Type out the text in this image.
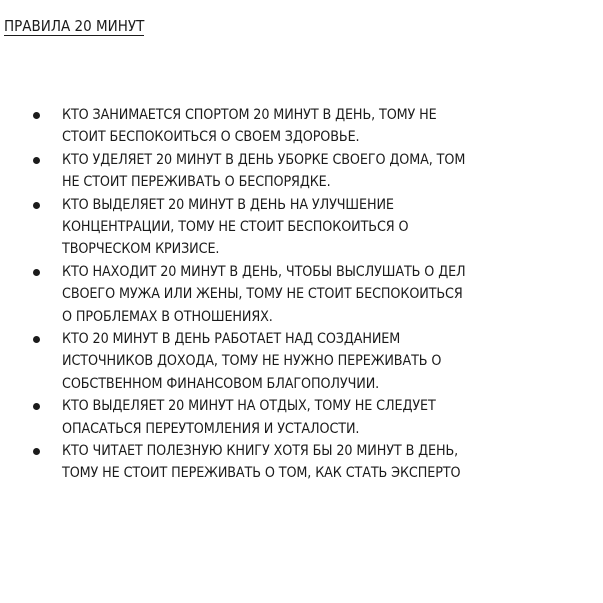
ПРАВИЛА 20 МИНУТ
КТО ЗАНИМАЕТСЯ СПОРТОМ 20 МИНУТ В ДЕНЬ, ТОМУ НЕ
СТОИТ БЕСПОКОИТЬСЯ О СВОЕМ ЗДОРОВЬЕ.
КТО УДЕЛЯЕТ 20 МИНУТ В ДЕНЬ УБОРКЕ СВОЕГО ДОМА, ТОМ
НЕ СТОИТ ПЕРЕЖИВАТЬ О БЕСПОРЯДКЕ.
КТО ВЫДЕЛЯЕТ 20 МИНУТ В ДЕНЬ НА УЛУЧШЕНИЕ
КОНЦЕНТРАЦИИ, ТОМУ НЕ СТОИТ БЕСПОКОИТЬСЯ О
ТВОРЧЕСКОМ КРИЗИСЕ.
КТО НАХОДИТ 20 МИНУТ В ДЕНЬ, ЧТОБЫ ВЫСЛУШАТЬ О ДЕЛ
СВОЕГО МУЖА ИЛИ ЖЕНЫ, ТОМУ НЕ СТОИТ БЕСПОКОИТЬСЯ
О ПРОБЛЕМАХ В ОТНОШЕНИЯХ.
КТО 20 МИНУТ В ДЕНЬ РАБОТАЕТ НАД СОЗДАНИЕМ
ИСТОЧНИКОВ ДОХОДА, ТОМУ НЕ НУЖНО ПЕРЕЖИВАТЬ О
СОБСТВЕННОМ ФИНАНСОВОМ БЛАГОПОЛУЧИИ.
КТО ВЫДЕЛЯЕТ 20 МИНУТ НА ОТДЫХ, ТОМУ НЕ СЛЕДУЕТ
ОПАСАТЬСЯ ПЕРЕУТОМЛЕНИЯ И УСТАЛОСТИ.
КТО ЧИТАЕТ ПОЛЕЗНУЮ КНИГУ ХОТЯ БЫ 20 МИНУТ В ДЕНЬ,
ТОМУ НЕ СТОИТ ПЕРЕЖИВАТЬ О ТОМ, КАК СТАТЬ ЭКСПЕРТО
